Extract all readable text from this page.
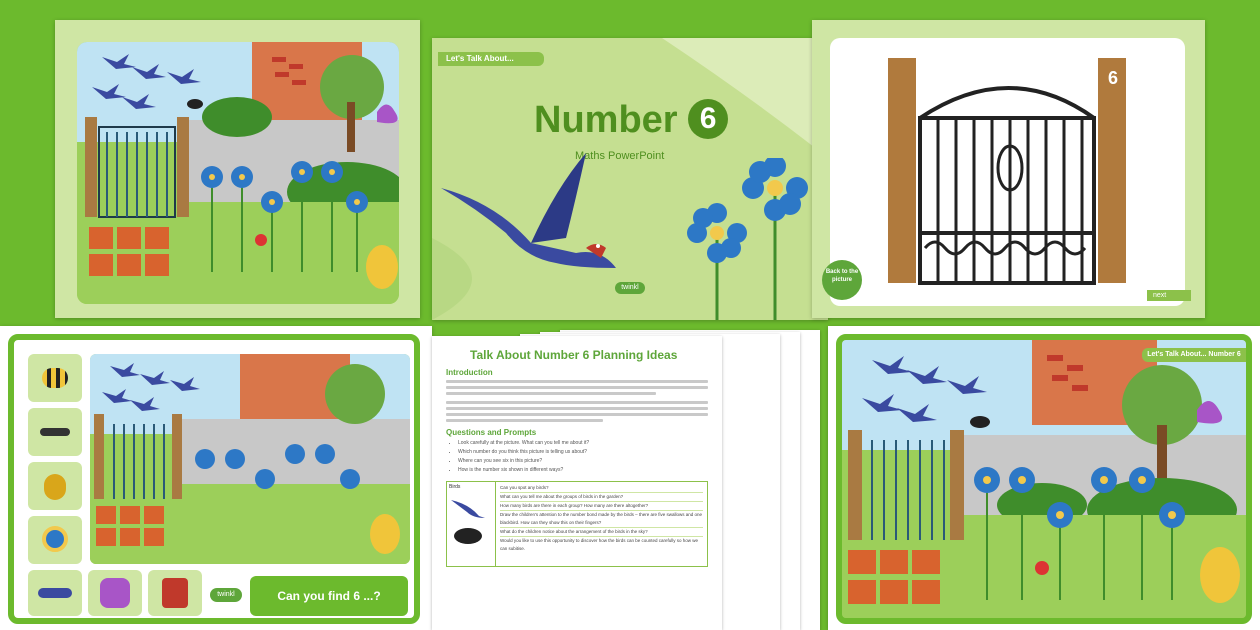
Let's Talk About...
Number 6
Maths PowerPoint
twinkl
6
Back to the picture
next
twinkl	Can you find 6 ...?
Talk About Number 6 Planning Ideas
Introduction
Questions and Prompts
• Look carefully at the picture. What can you tell me about it?
• Which number do you think this picture is telling us about?
• Where can you see six in this picture?
• How is the number six shown in different ways?
Birds
	Can you spot any birds?
What can you tell me about the groups of birds in the garden?
How many birds are there in each group? How many are there altogether?
Draw the children's attention to the number bond made by the birds – there are five swallows and one blackbird. How can they show this on their fingers?
What do the children notice about the arrangement of the birds in the sky?
Would you like to use this opportunity to discover how the birds can be counted carefully so how we can subitise.
Let's Talk About... Number 6
